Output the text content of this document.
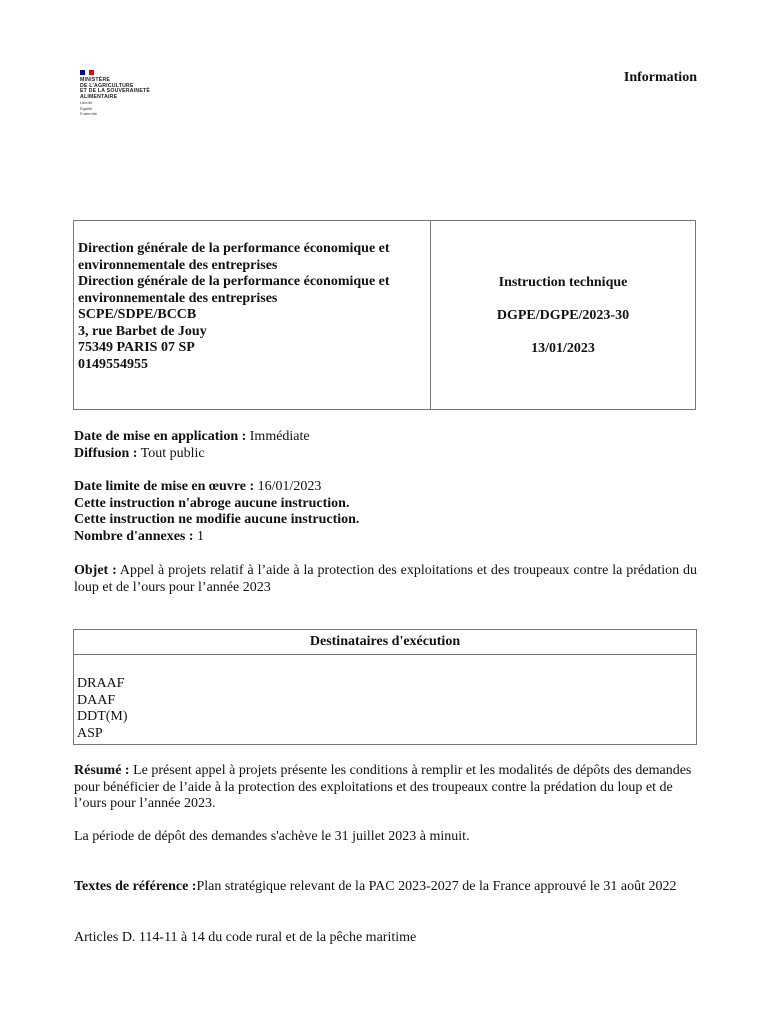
MINISTÈRE
DE L'AGRICULTURE
ET DE LA SOUVERAINETÉ
ALIMENTAIRE
Liberté
Égalité
Fraternité
Information
Direction générale de la performance économique et environnementale des entreprises
Direction générale de la performance économique et environnementale des entreprises
SCPE/SDPE/BCCB
3, rue Barbet de Jouy
75349 PARIS 07 SP
0149554955
Instruction technique
DGPE/DGPE/2023-30
13/01/2023
Date de mise en application : Immédiate
Diffusion : Tout public
Date limite de mise en œuvre : 16/01/2023
Cette instruction n'abroge aucune instruction.
Cette instruction ne modifie aucune instruction.
Nombre d'annexes : 1
Objet : Appel à projets relatif à l’aide à la protection des exploitations et des troupeaux contre la prédation du loup et de l’ours pour l’année 2023
Destinataires d'exécution
DRAAF
DAAF
DDT(M)
ASP
Résumé : Le présent appel à projets présente les conditions à remplir et les modalités de dépôts des demandes pour bénéficier de l’aide à la protection des exploitations et des troupeaux contre la prédation du loup et de l’ours pour l’année 2023.
La période de dépôt des demandes s'achève le 31 juillet 2023 à minuit.
Textes de référence :Plan stratégique relevant de la PAC 2023-2027 de la France approuvé le 31 août 2022
Articles D. 114-11 à 14 du code rural et de la pêche maritime
